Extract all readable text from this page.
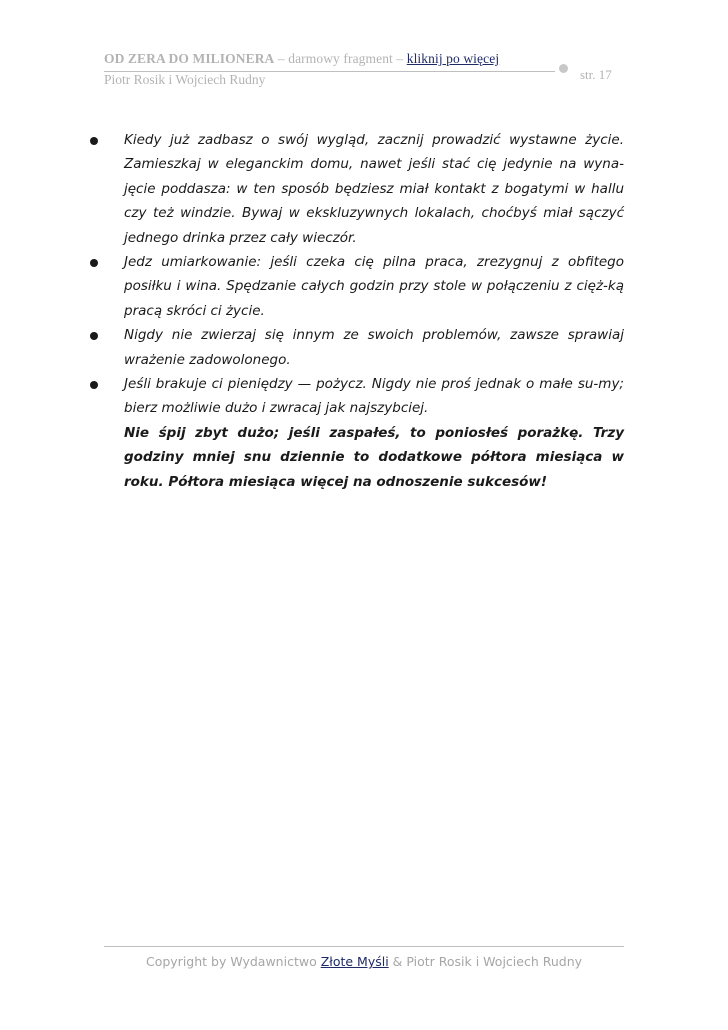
OD ZERA DO MILIONERA – darmowy fragment – kliknij po więcej
Piotr Rosik i Wojciech Rudny	str. 17
Kiedy już zadbasz o swój wygląd, zacznij prowadzić wystawne życie. Zamieszkaj w eleganckim domu, nawet jeśli stać cię jedynie na wyna-jęcie poddasza: w ten sposób będziesz miał kontakt z bogatymi w hallu czy też windzie. Bywaj w ekskluzywnych lokalach, choćbyś miał sączyć jednego drinka przez cały wieczór.
Jedz umiarkowanie: jeśli czeka cię pilna praca, zrezygnuj z obfitego posiłku i wina. Spędzanie całych godzin przy stole w połączeniu z cięż-ką pracą skróci ci życie.
Nigdy nie zwierzaj się innym ze swoich problemów, zawsze sprawiaj wrażenie zadowolonego.
Jeśli brakuje ci pieniędzy — pożycz. Nigdy nie proś jednak o małe su-my; bierz możliwie dużo i zwracaj jak najszybciej.
Nie śpij zbyt dużo; jeśli zaspałeś, to poniosłeś porażkę. Trzy godziny mniej snu dziennie to dodatkowe półtora miesiąca w roku. Półtora miesiąca więcej na odnoszenie sukcesów!
Copyright by Wydawnictwo Złote Myśli & Piotr Rosik i Wojciech Rudny
